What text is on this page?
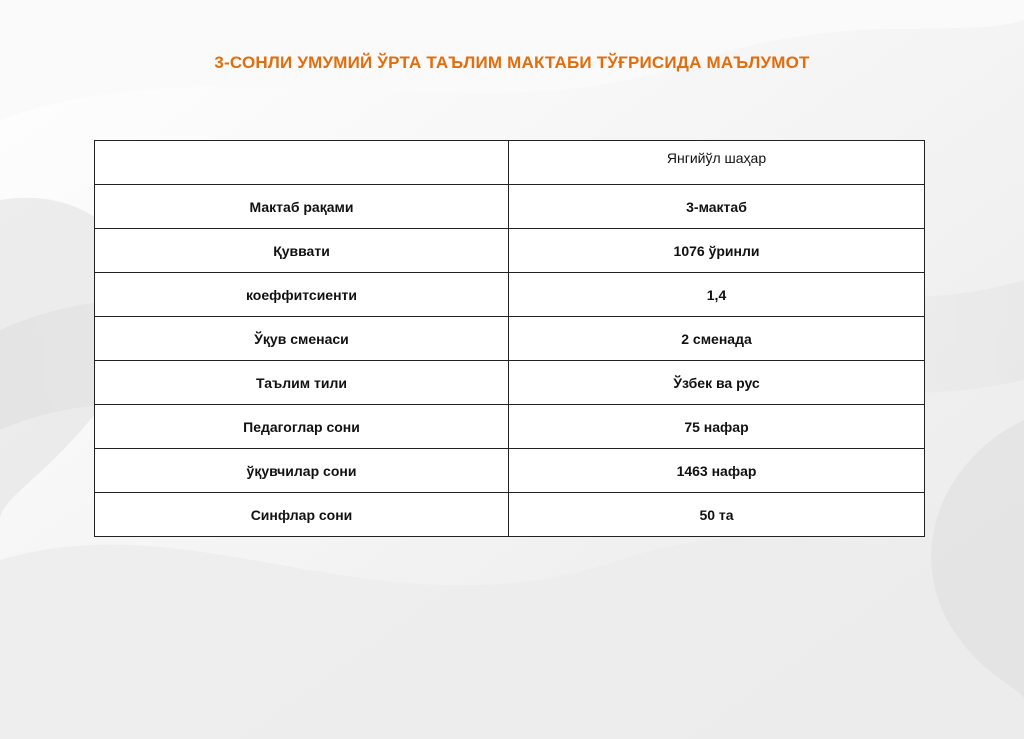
3-СОНЛИ УМУМИЙ ЎРТА ТАЪЛИМ МАКТАБИ ТЎҒРИСИДА МАЪЛУМОТ
	Янгийўл шаҳар
Мактаб рақами	3-мактаб
Қуввати	1076 ўринли
коеффитсиенти	1,4
Ўқув сменаси	2 сменада
Таълим тили	Ўзбек ва рус
Педагоглар сони	75 нафар
ўқувчилар сони	1463 нафар
Синфлар сони	50 та
